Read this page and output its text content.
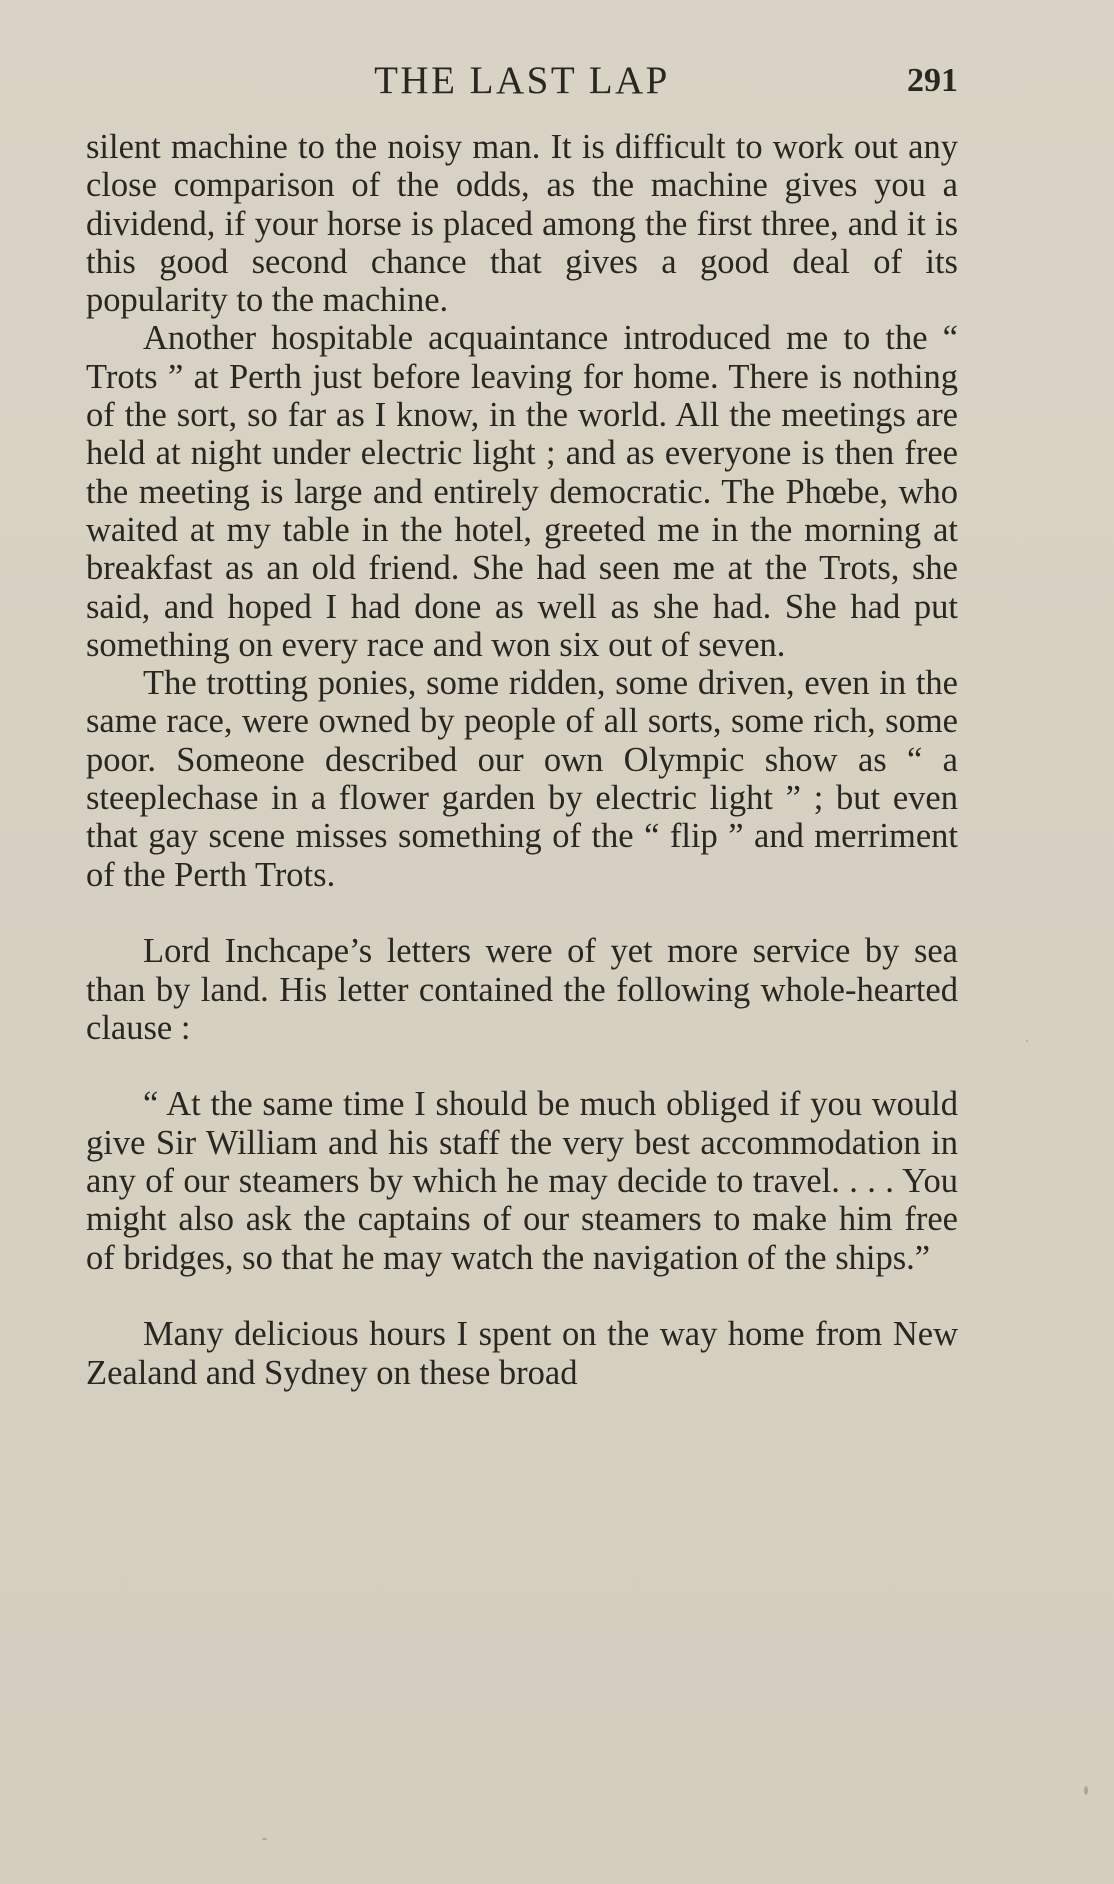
THE LAST LAP	291

silent machine to the noisy man. It is difficult to work out any close comparison of the odds, as the machine gives you a dividend, if your horse is placed among the first three, and it is this good second chance that gives a good deal of its popularity to the machine.

Another hospitable acquaintance introduced me to the “ Trots ” at Perth just before leaving for home. There is nothing of the sort, so far as I know, in the world. All the meetings are held at night under electric light ; and as everyone is then free the meeting is large and entirely democratic. The Phœbe, who waited at my table in the hotel, greeted me in the morning at breakfast as an old friend. She had seen me at the Trots, she said, and hoped I had done as well as she had. She had put something on every race and won six out of seven.

The trotting ponies, some ridden, some driven, even in the same race, were owned by people of all sorts, some rich, some poor. Someone described our own Olympic show as “ a steeplechase in a flower garden by electric light ” ; but even that gay scene misses something of the “ flip ” and merriment of the Perth Trots.

Lord Inchcape’s letters were of yet more service by sea than by land. His letter contained the following whole-hearted clause :

“ At the same time I should be much obliged if you would give Sir William and his staff the very best accommodation in any of our steamers by which he may decide to travel. . . . You might also ask the captains of our steamers to make him free of bridges, so that he may watch the navigation of the ships.”

Many delicious hours I spent on the way home from New Zealand and Sydney on these broad
